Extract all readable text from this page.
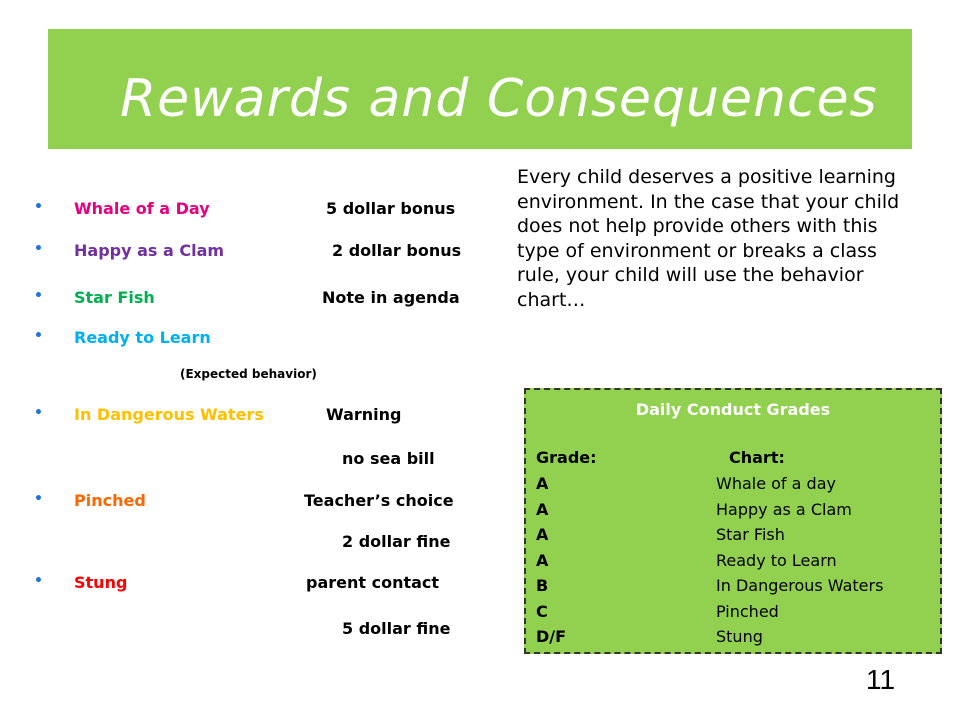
Rewards and Consequences
• Whale of a Day	5 dollar bonus
• Happy as a Clam	2 dollar bonus
• Star Fish	Note in agenda
• Ready to Learn
(Expected behavior)
• In Dangerous Waters	Warning
no sea bill
• Pinched	Teacher’s choice
2 dollar fine
• Stung	parent contact
5 dollar fine
Every child deserves a positive learning environment. In the case that your child does not help provide others with this type of environment or breaks a class rule, your child will use the behavior chart…
Daily Conduct Grades
Grade:	Chart:
A	Whale of a day
A	Happy as a Clam
A	Star Fish
A	Ready to Learn
B	In Dangerous Waters
C	Pinched
D/F	Stung
11
